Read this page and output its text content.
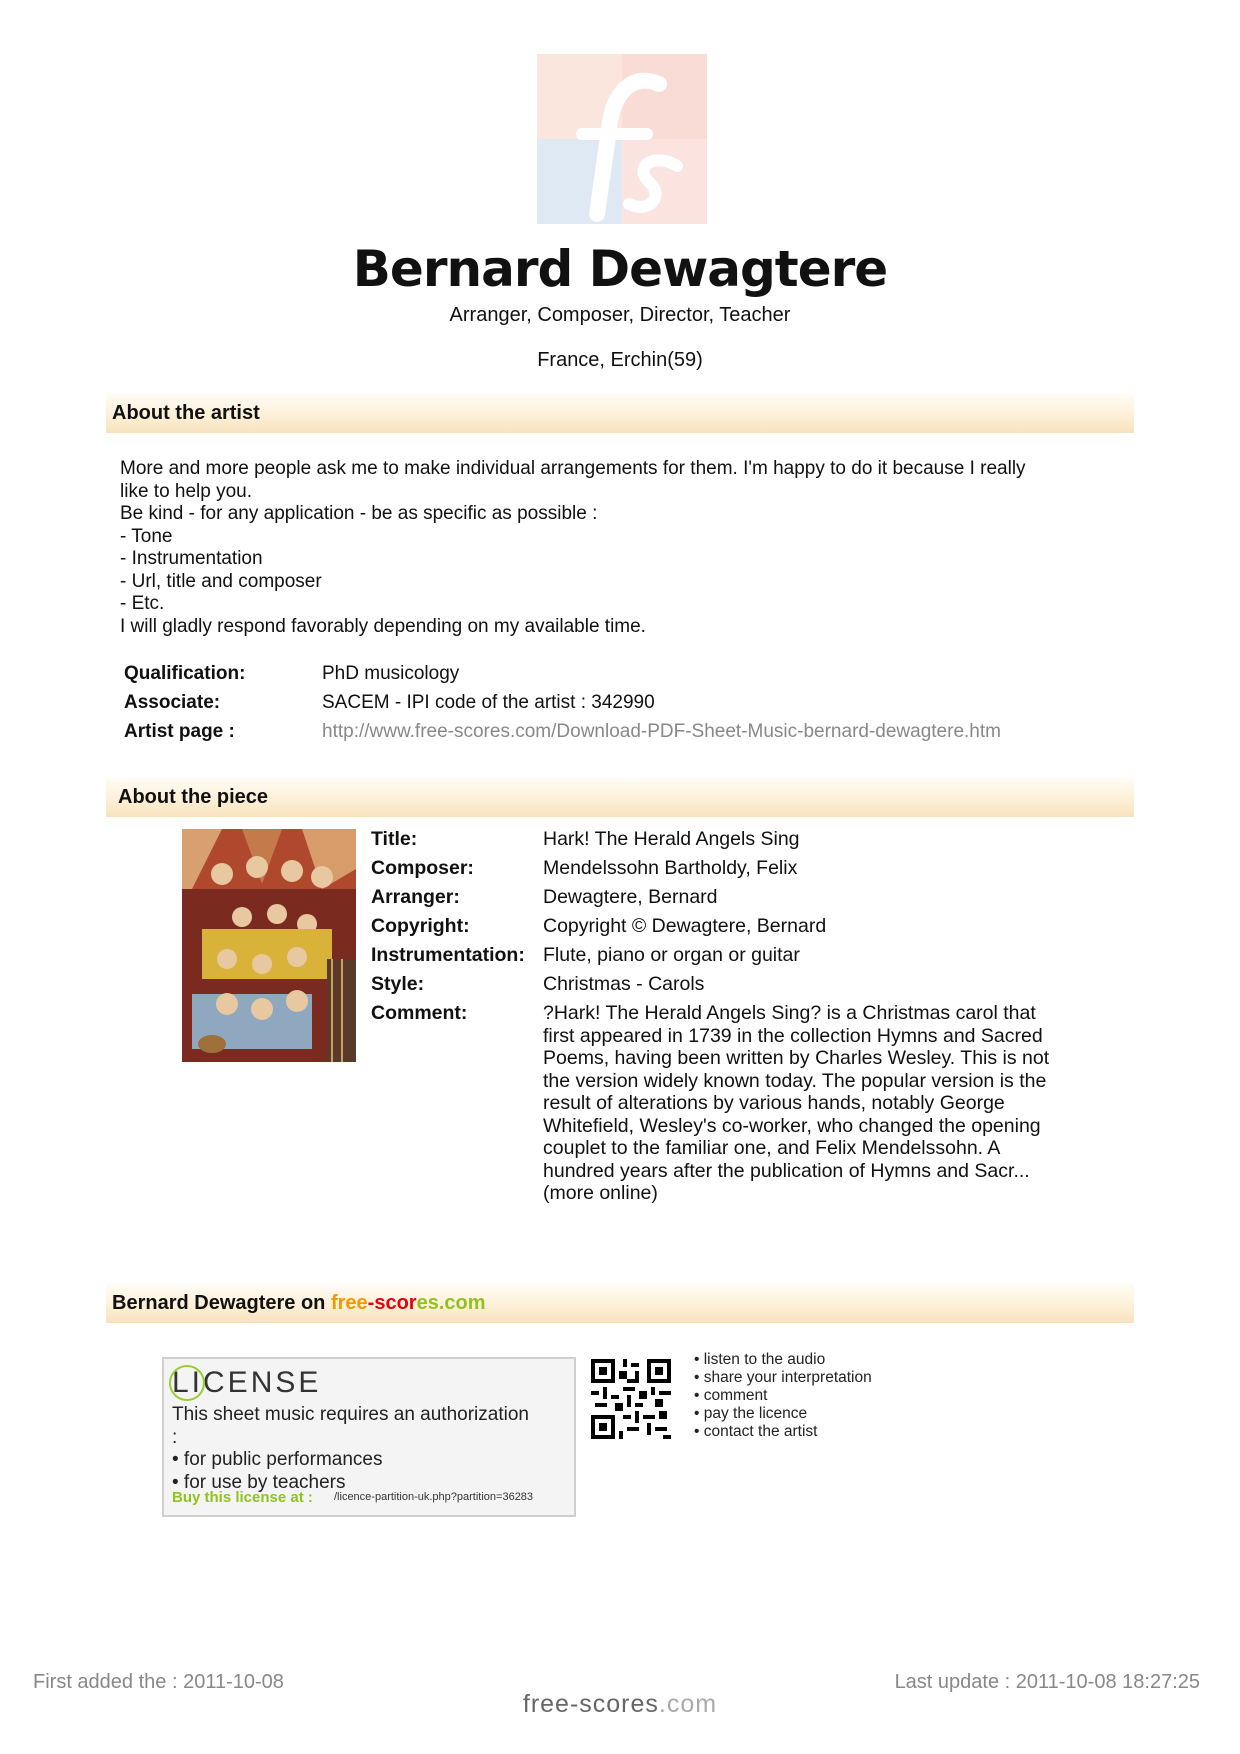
Bernard Dewagtere
Arranger, Composer, Director, Teacher
France, Erchin(59)
About the artist
More and more people ask me to make individual arrangements for them. I'm happy to do it because I really
like to help you.
Be kind - for any application - be as specific as possible :
- Tone
- Instrumentation
- Url, title and composer
- Etc.
I will gladly respond favorably depending on my available time.
Qualification:	PhD musicology
Associate:	SACEM - IPI code of the artist : 342990
Artist page :	http://www.free-scores.com/Download-PDF-Sheet-Music-bernard-dewagtere.htm
About the piece
Title:	Hark! The Herald Angels Sing
Composer:	Mendelssohn Bartholdy, Felix
Arranger:	Dewagtere, Bernard
Copyright:	Copyright © Dewagtere, Bernard
Instrumentation: Flute, piano or organ or guitar
Style:	Christmas - Carols
Comment:	?Hark! The Herald Angels Sing? is a Christmas carol that first appeared in 1739 in the collection Hymns and Sacred Poems, having been written by Charles Wesley. This is not the version widely known today. The popular version is the result of alterations by various hands, notably George Whitefield, Wesley's co-worker, who changed the opening couplet to the familiar one, and Felix Mendelssohn. A hundred years after the publication of Hymns and Sacr... (more online)
Bernard Dewagtere on free-scores.com
LICENSE
This sheet music requires an authorization
:
• for public performances
• for use by teachers
Buy this license at : /licence-partition-uk.php?partition=36283
• listen to the audio
• share your interpretation
• comment
• pay the licence
• contact the artist
First added the : 2011-10-08	Last update : 2011-10-08 18:27:25
free-scores.com
